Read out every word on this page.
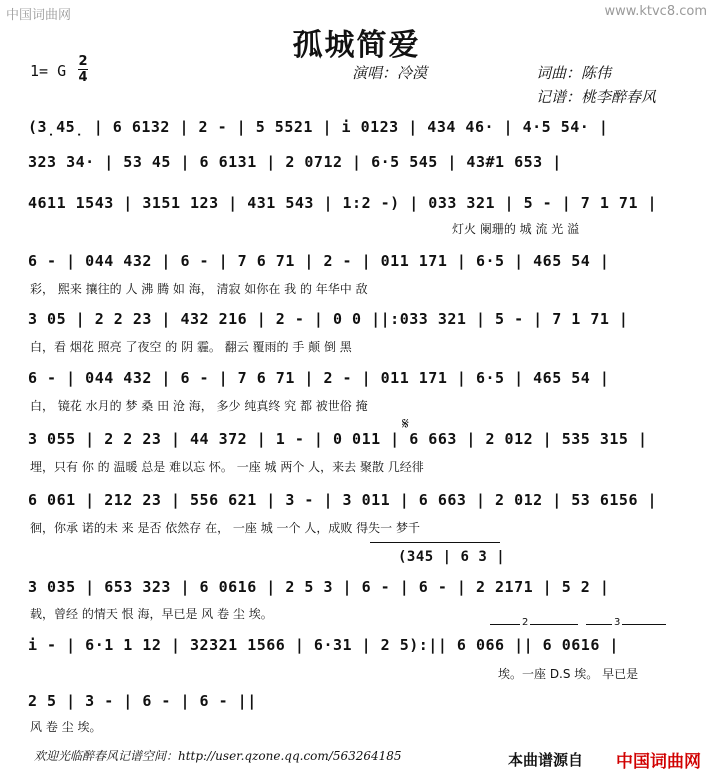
中国词曲网	www.ktvc8.com
孤城简爱
1= G
2
4	演唱：冷漠	词曲：陈伟
记谱：桃李醉春风
(3̣45̣ | 6 6132 | 2 - | 5 5521 | i 0123 | 434 46· | 4·5 54· |
323 34· | 53 45 | 6 6131 | 2 0712 | 6·5 545 | 43#1 653 |
4611 1543 | 3151 123 | 431 543 | 1:2 -) | 033 321 | 5 - | 7 1 71 |
灯火 阑珊的 城 流 光 溢
6 - | 044 432 | 6 - | 7 6 71 | 2 - | 011 171 | 6·5 | 465 54 |
彩， 熙来 攘往的 人 沸 腾 如 海， 清寂 如你在 我 的 年华中 敌
3 05 | 2 2 23 | 432 216 | 2 - | 0 0 ||:033 321 | 5 - | 7 1 71 |
白，看 烟花 照亮 了夜空 的 阴 霾。 翻云 覆雨的 手 颠 倒 黑
6 - | 044 432 | 6 - | 7 6 71 | 2 - | 011 171 | 6·5 | 465 54 |
白， 镜花 水月的 梦 桑 田 沧 海， 多少 纯真终 究 都 被世俗 掩
𝄋
3 055 | 2 2 23 | 44 372 | 1 - | 0 011 | 6 663 | 2 012 | 535 315 |
埋，只有 你 的 温暖 总是 难以忘 怀。 一座 城 两个 人，来去 聚散 几经徘
6 061 | 212 23 | 556 621 | 3 - | 3 011 | 6 663 | 2 012 | 53 6156 |
徊，你承 诺的未 来 是否 依然存 在， 一座 城 一个 人，成败 得失一 梦千
(345 | 6 3 |
3 035 | 653 323 | 6 0616 | 2 5 3 | 6 - | 6 - | 2 2171 | 5 2 |
载，曾经 的情天 恨 海，早已是 风 卷 尘 埃。
2	3
i - | 6·1 1 12 | 32321 1566 | 6·31 | 2 5):|| 6 066 || 6 0616 |
埃。一座 D.S 埃。 早已是
2 5 | 3 - | 6 - | 6 - ||
风 卷 尘 埃。
欢迎光临醉春风记谱空间：http://user.qzone.qq.com/563264185	本曲谱源自 中国词曲网
